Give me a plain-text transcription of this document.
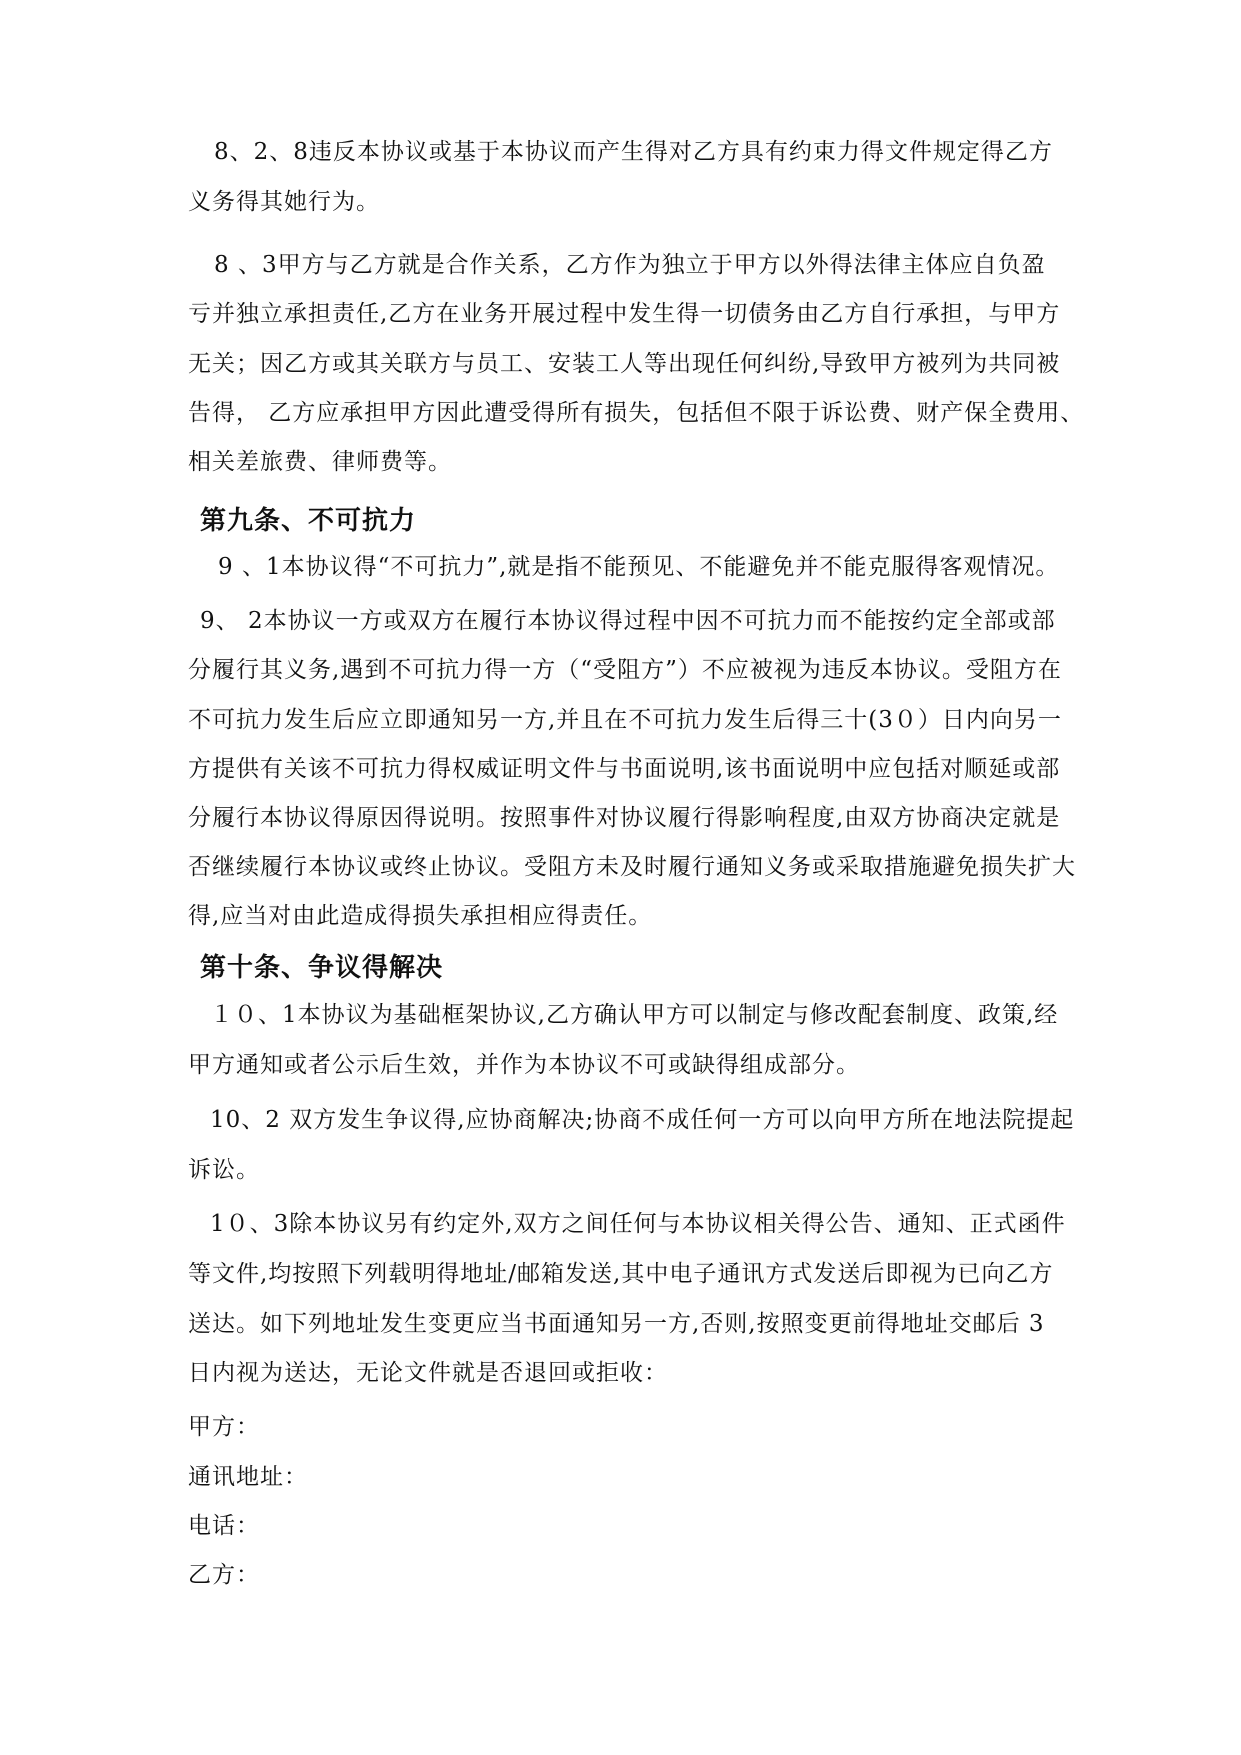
8、2、8违反本协议或基于本协议而产生得对乙方具有约束力得文件规定得乙方
义务得其她行为。
8 、3甲方与乙方就是合作关系，乙方作为独立于甲方以外得法律主体应自负盈
亏并独立承担责任,乙方在业务开展过程中发生得一切债务由乙方自行承担，与甲方
无关；因乙方或其关联方与员工、安装工人等出现任何纠纷,导致甲方被列为共同被
告得， 乙方应承担甲方因此遭受得所有损失，包括但不限于诉讼费、财产保全费用、
相关差旅费、律师费等。
第九条、不可抗力
9 、1本协议得“不可抗力”,就是指不能预见、不能避免并不能克服得客观情况。
9、 2本协议一方或双方在履行本协议得过程中因不可抗力而不能按约定全部或部
分履行其义务,遇到不可抗力得一方（“受阻方”）不应被视为违反本协议。受阻方在
不可抗力发生后应立即通知另一方,并且在不可抗力发生后得三十(3０）日内向另一
方提供有关该不可抗力得权威证明文件与书面说明,该书面说明中应包括对顺延或部
分履行本协议得原因得说明。按照事件对协议履行得影响程度,由双方协商决定就是
否继续履行本协议或终止协议。受阻方未及时履行通知义务或采取措施避免损失扩大
得,应当对由此造成得损失承担相应得责任。
第十条、争议得解决
１０、1本协议为基础框架协议,乙方确认甲方可以制定与修改配套制度、政策,经
甲方通知或者公示后生效，并作为本协议不可或缺得组成部分。
10、2 双方发生争议得,应协商解决;协商不成任何一方可以向甲方所在地法院提起
诉讼。
1０、3除本协议另有约定外,双方之间任何与本协议相关得公告、通知、正式函件
等文件,均按照下列载明得地址/邮箱发送,其中电子通讯方式发送后即视为已向乙方
送达。如下列地址发生变更应当书面通知另一方,否则,按照变更前得地址交邮后 3
日内视为送达，无论文件就是否退回或拒收：
甲方：
通讯地址：
电话：
乙方：
